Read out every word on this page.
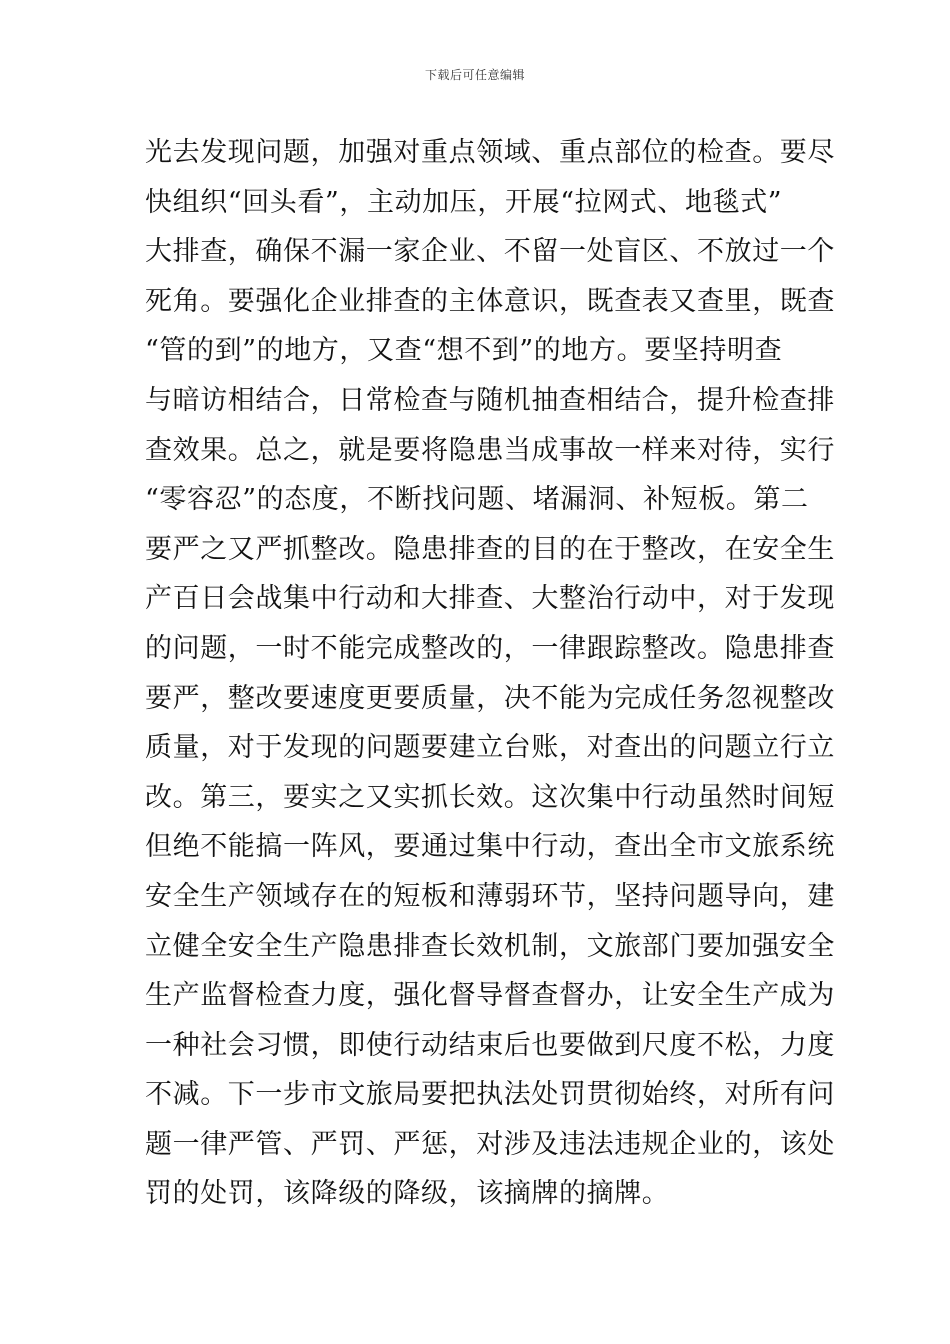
下载后可任意编辑
光去发现问题，加强对重点领域、重点部位的检查。要尽
快组织“回头看”，主动加压，开展“拉网式、地毯式”
大排查，确保不漏一家企业、不留一处盲区、不放过一个
死角。要强化企业排查的主体意识，既查表又查里，既查
“管的到”的地方，又查“想不到”的地方。要坚持明查
与暗访相结合，日常检查与随机抽查相结合，提升检查排
查效果。总之，就是要将隐患当成事故一样来对待，实行
“零容忍”的态度，不断找问题、堵漏洞、补短板。第二
要严之又严抓整改。隐患排查的目的在于整改，在安全生
产百日会战集中行动和大排查、大整治行动中，对于发现
的问题，一时不能完成整改的，一律跟踪整改。隐患排查
要严，整改要速度更要质量，决不能为完成任务忽视整改
质量，对于发现的问题要建立台账，对查出的问题立行立
改。第三，要实之又实抓长效。这次集中行动虽然时间短
但绝不能搞一阵风，要通过集中行动，查出全市文旅系统
安全生产领域存在的短板和薄弱环节，坚持问题导向，建
立健全安全生产隐患排查长效机制，文旅部门要加强安全
生产监督检查力度，强化督导督查督办，让安全生产成为
一种社会习惯，即使行动结束后也要做到尺度不松，力度
不减。下一步市文旅局要把执法处罚贯彻始终，对所有问
题一律严管、严罚、严惩，对涉及违法违规企业的，该处
罚的处罚，该降级的降级，该摘牌的摘牌。
